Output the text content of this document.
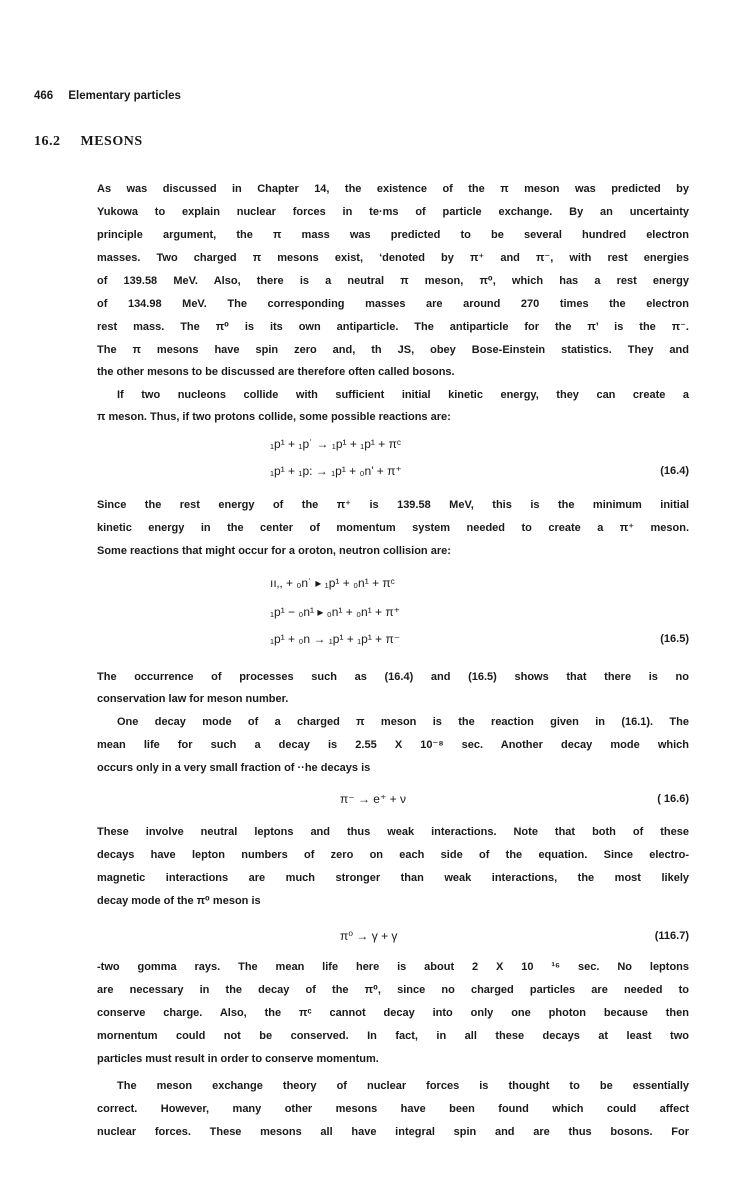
466 Elementary particles
16.2 MESONS
As was discussed in Chapter 14, the existence of the π meson was predicted by
Yukowa to explain nuclear forces in te·ms of particle exchange. By an uncertainty
principle argument, the π mass was predicted to be several hundred electron
masses. Two charged π mesons exist, ‘denoted by π⁺ and π⁻, with rest energies
of 139.58 MeV. Also, there is a neutral π meson, π⁰, which has a rest energy
of 134.98 MeV. The corresponding masses are around 270 times the electron
rest mass. The π⁰ is its own antiparticle. The antiparticle for the π’ is the π⁻.
The π mesons have spin zero and, th JS, obey Bose-Einstein statistics. They and
the other mesons to be discussed are therefore often called bosons.
If two nucleons collide with sufficient initial kinetic energy, they can create a
π meson. Thus, if two protons collide, some possible reactions are:
₁p¹ + ₁p˙ → ₁p¹ + ₁p¹ + πᶜ
₁p¹ + ₁p: → ₁p¹ + ₀n’ + π⁺	(16.4)
Since the rest energy of the π⁺ is 139.58 MeV, this is the minimum initial
kinetic energy in the center of momentum system needed to create a π⁺ meson.
Some reactions that might occur for a oroton, neutron collision are:
ıı‚, + ₀n˙ ▸ ₁p¹ + ₀n¹ + πᶜ
₁p¹ − ₀n¹ ▸ ₀n¹ + ₀n¹ + π⁺
₁p¹ + ₀n → ₁p¹ + ₁p¹ + π⁻	(16.5)
The occurrence of processes such as (16.4) and (16.5) shows that there is no
conservation law for meson number.
One decay mode of a charged π meson is the reaction given in (16.1). The
mean life for such a decay is 2.55 X 10⁻⁸ sec. Another decay mode which
occurs only in a very small fraction of ··he decays is
π⁻ → e⁺ + ν	( 16.6)
These involve neutral leptons and thus weak interactions. Note that both of these
decays have lepton numbers of zero on each side of the equation. Since electro-
magnetic interactions are much stronger than weak interactions, the most likely
decay mode of the π⁰ meson is
π⁰ → γ + γ	(116.7)
-two gomma rays. The mean life here is about 2 X 10 ¹⁶ sec. No leptons
are necessary in the decay of the π⁰, since no charged particles are needed to
conserve charge. Also, the πᶜ cannot decay into only one photon because then
mornentum could not be conserved. In fact, in all these decays at least two
particles must result in order to conserve momentum.
The meson exchange theory of nuclear forces is thought to be essentially
correct. However, many other mesons have been found which could affect
nuclear forces. These mesons all have integral spin and are thus bosons. For
